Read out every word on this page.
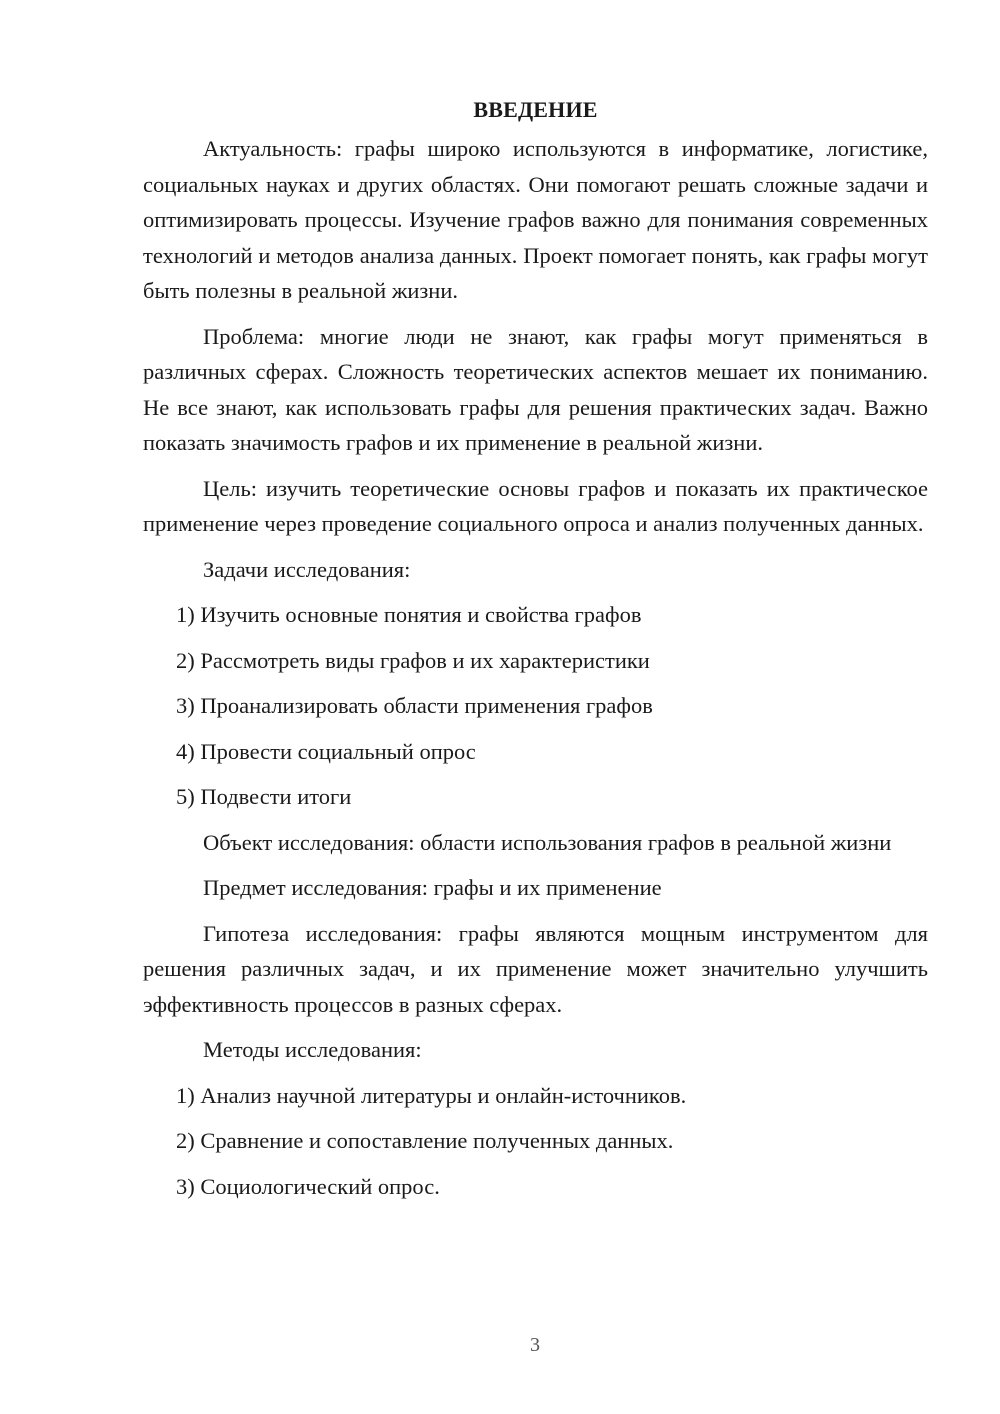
ВВЕДЕНИЕ

Актуальность: графы широко используются в информатике, логистике, социальных науках и других областях. Они помогают решать сложные задачи и оптимизировать процессы. Изучение графов важно для понимания современных технологий и методов анализа данных. Проект помогает понять, как графы могут быть полезны в реальной жизни.

Проблема: многие люди не знают, как графы могут применяться в различных сферах. Сложность теоретических аспектов мешает их пониманию. Не все знают, как использовать графы для решения практических задач. Важно показать значимость графов и их применение в реальной жизни.

Цель: изучить теоретические основы графов и показать их практическое применение через проведение социального опроса и анализ полученных данных.

Задачи исследования:
1) Изучить основные понятия и свойства графов
2) Рассмотреть виды графов и их характеристики
3) Проанализировать области применения графов
4) Провести социальный опрос
5) Подвести итоги

Объект исследования: области использования графов в реальной жизни

Предмет исследования: графы и их применение

Гипотеза исследования: графы являются мощным инструментом для решения различных задач, и их применение может значительно улучшить эффективность процессов в разных сферах.

Методы исследования:
1) Анализ научной литературы и онлайн-источников.
2) Сравнение и сопоставление полученных данных.
3) Социологический опрос.
3
